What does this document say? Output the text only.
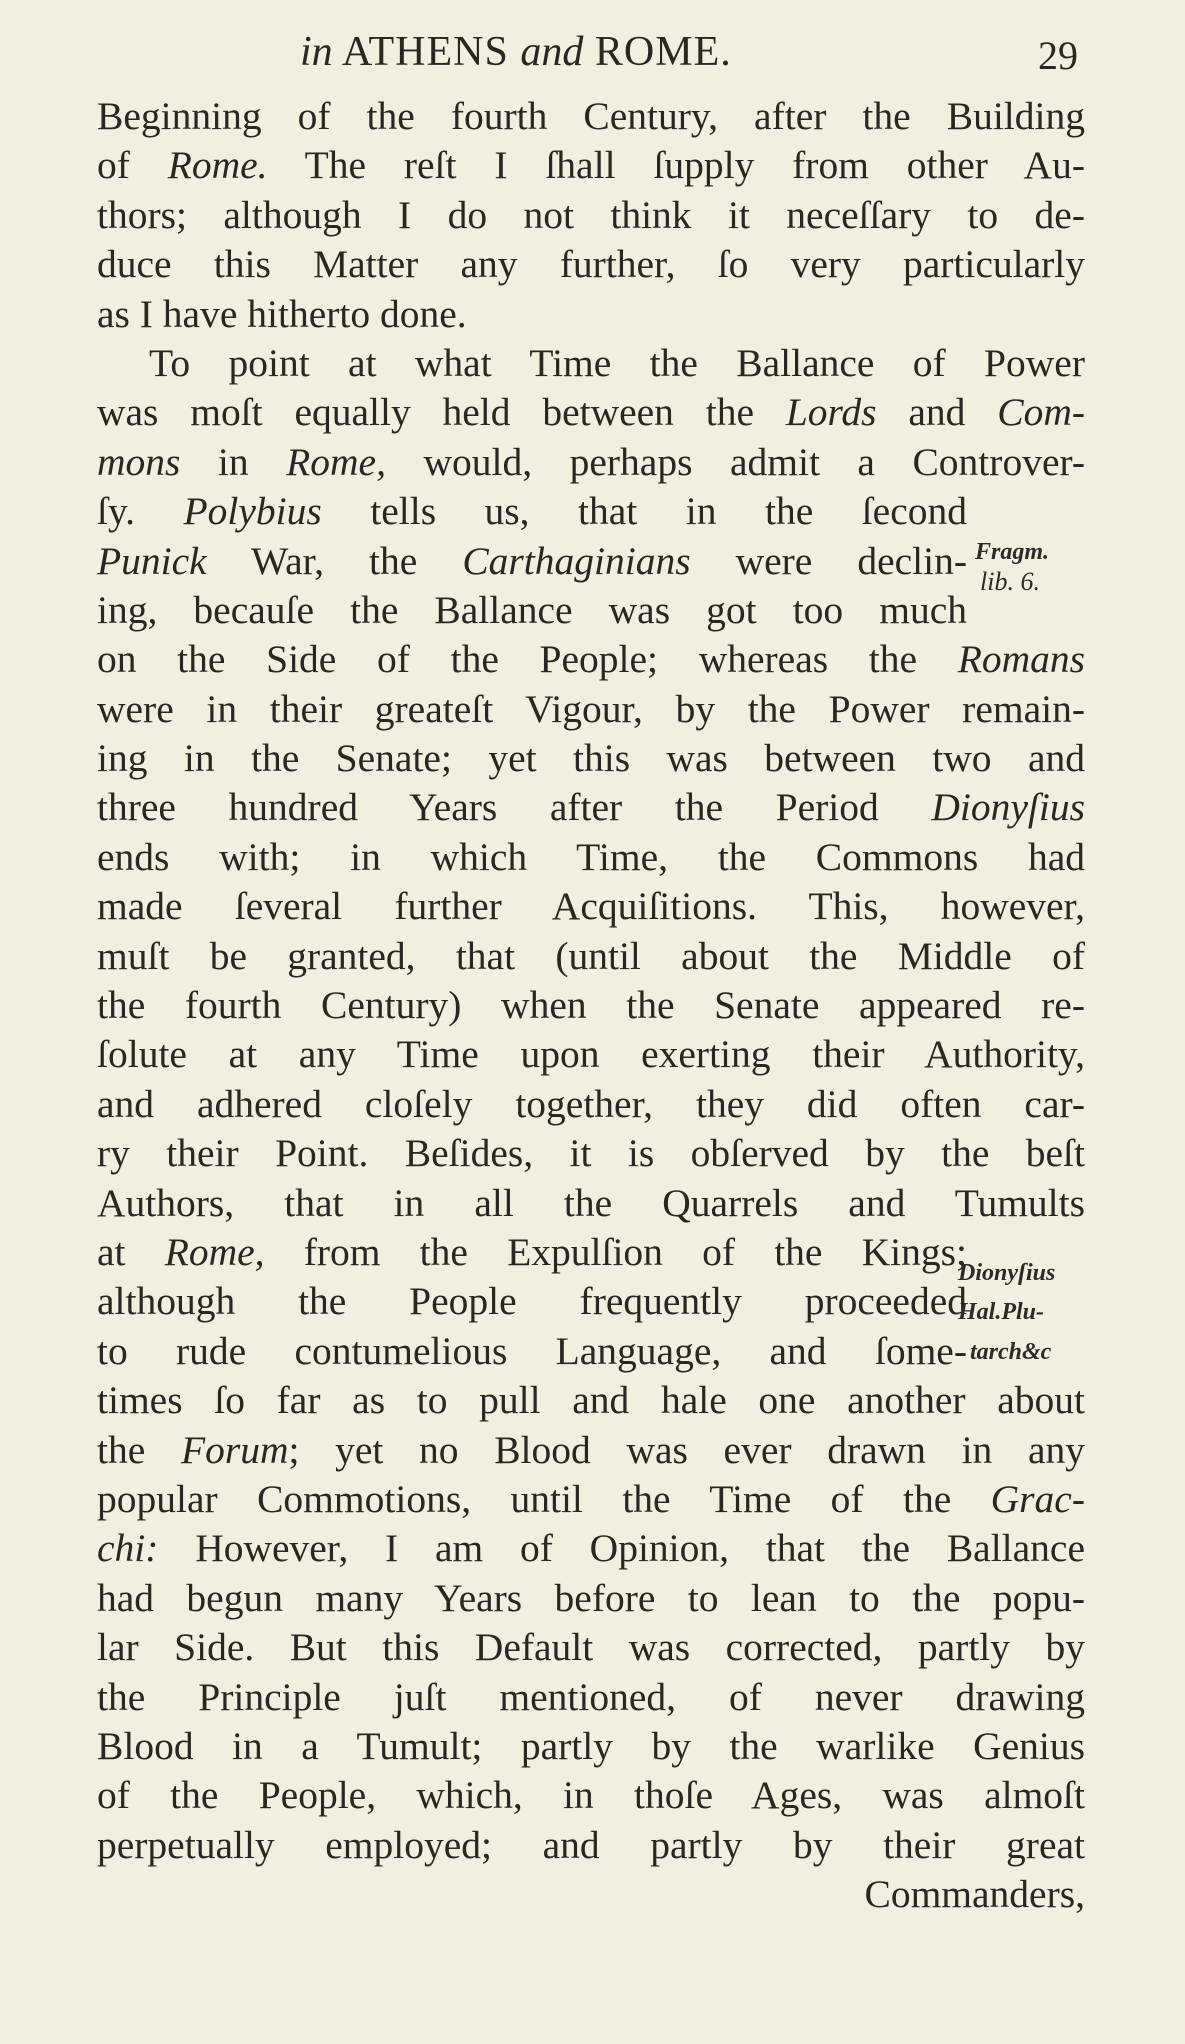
in ATHENS and ROME.	29
Beginning of the fourth Century, after the Building
of Rome. The reſt I ſhall ſupply from other Au-
thors; although I do not think it neceſſary to de-
duce this Matter any further, ſo very particularly
as I have hitherto done.
To point at what Time the Ballance of Power
was moſt equally held between the Lords and Com-
mons in Rome, would, perhaps admit a Controver-
ſy. Polybius tells us, that in the ſecond
Punick War, the Carthaginians were declin-
ing, becauſe the Ballance was got too much
on the Side of the People; whereas the Romans
were in their greateſt Vigour, by the Power remain-
ing in the Senate; yet this was between two and
three hundred Years after the Period Dionyſius
ends with; in which Time, the Commons had
made ſeveral further Acquiſitions. This, however,
muſt be granted, that (until about the Middle of
the fourth Century) when the Senate appeared re-
ſolute at any Time upon exerting their Authority,
and adhered cloſely together, they did often car-
ry their Point. Beſides, it is obſerved by the beſt
Authors, that in all the Quarrels and Tumults
at Rome, from the Expulſion of the Kings;
although the People frequently proceeded
to rude contumelious Language, and ſome-
times ſo far as to pull and hale one another about
the Forum; yet no Blood was ever drawn in any
popular Commotions, until the Time of the Grac-
chi: However, I am of Opinion, that the Ballance
had begun many Years before to lean to the popu-
lar Side. But this Default was corrected, partly by
the Principle juſt mentioned, of never drawing
Blood in a Tumult; partly by the warlike Genius
of the People, which, in thoſe Ages, was almoſt
perpetually employed; and partly by their great
Commanders,
Fragm.
lib. 6.
Dionyſius
Hal.Plu-
tarch&c
